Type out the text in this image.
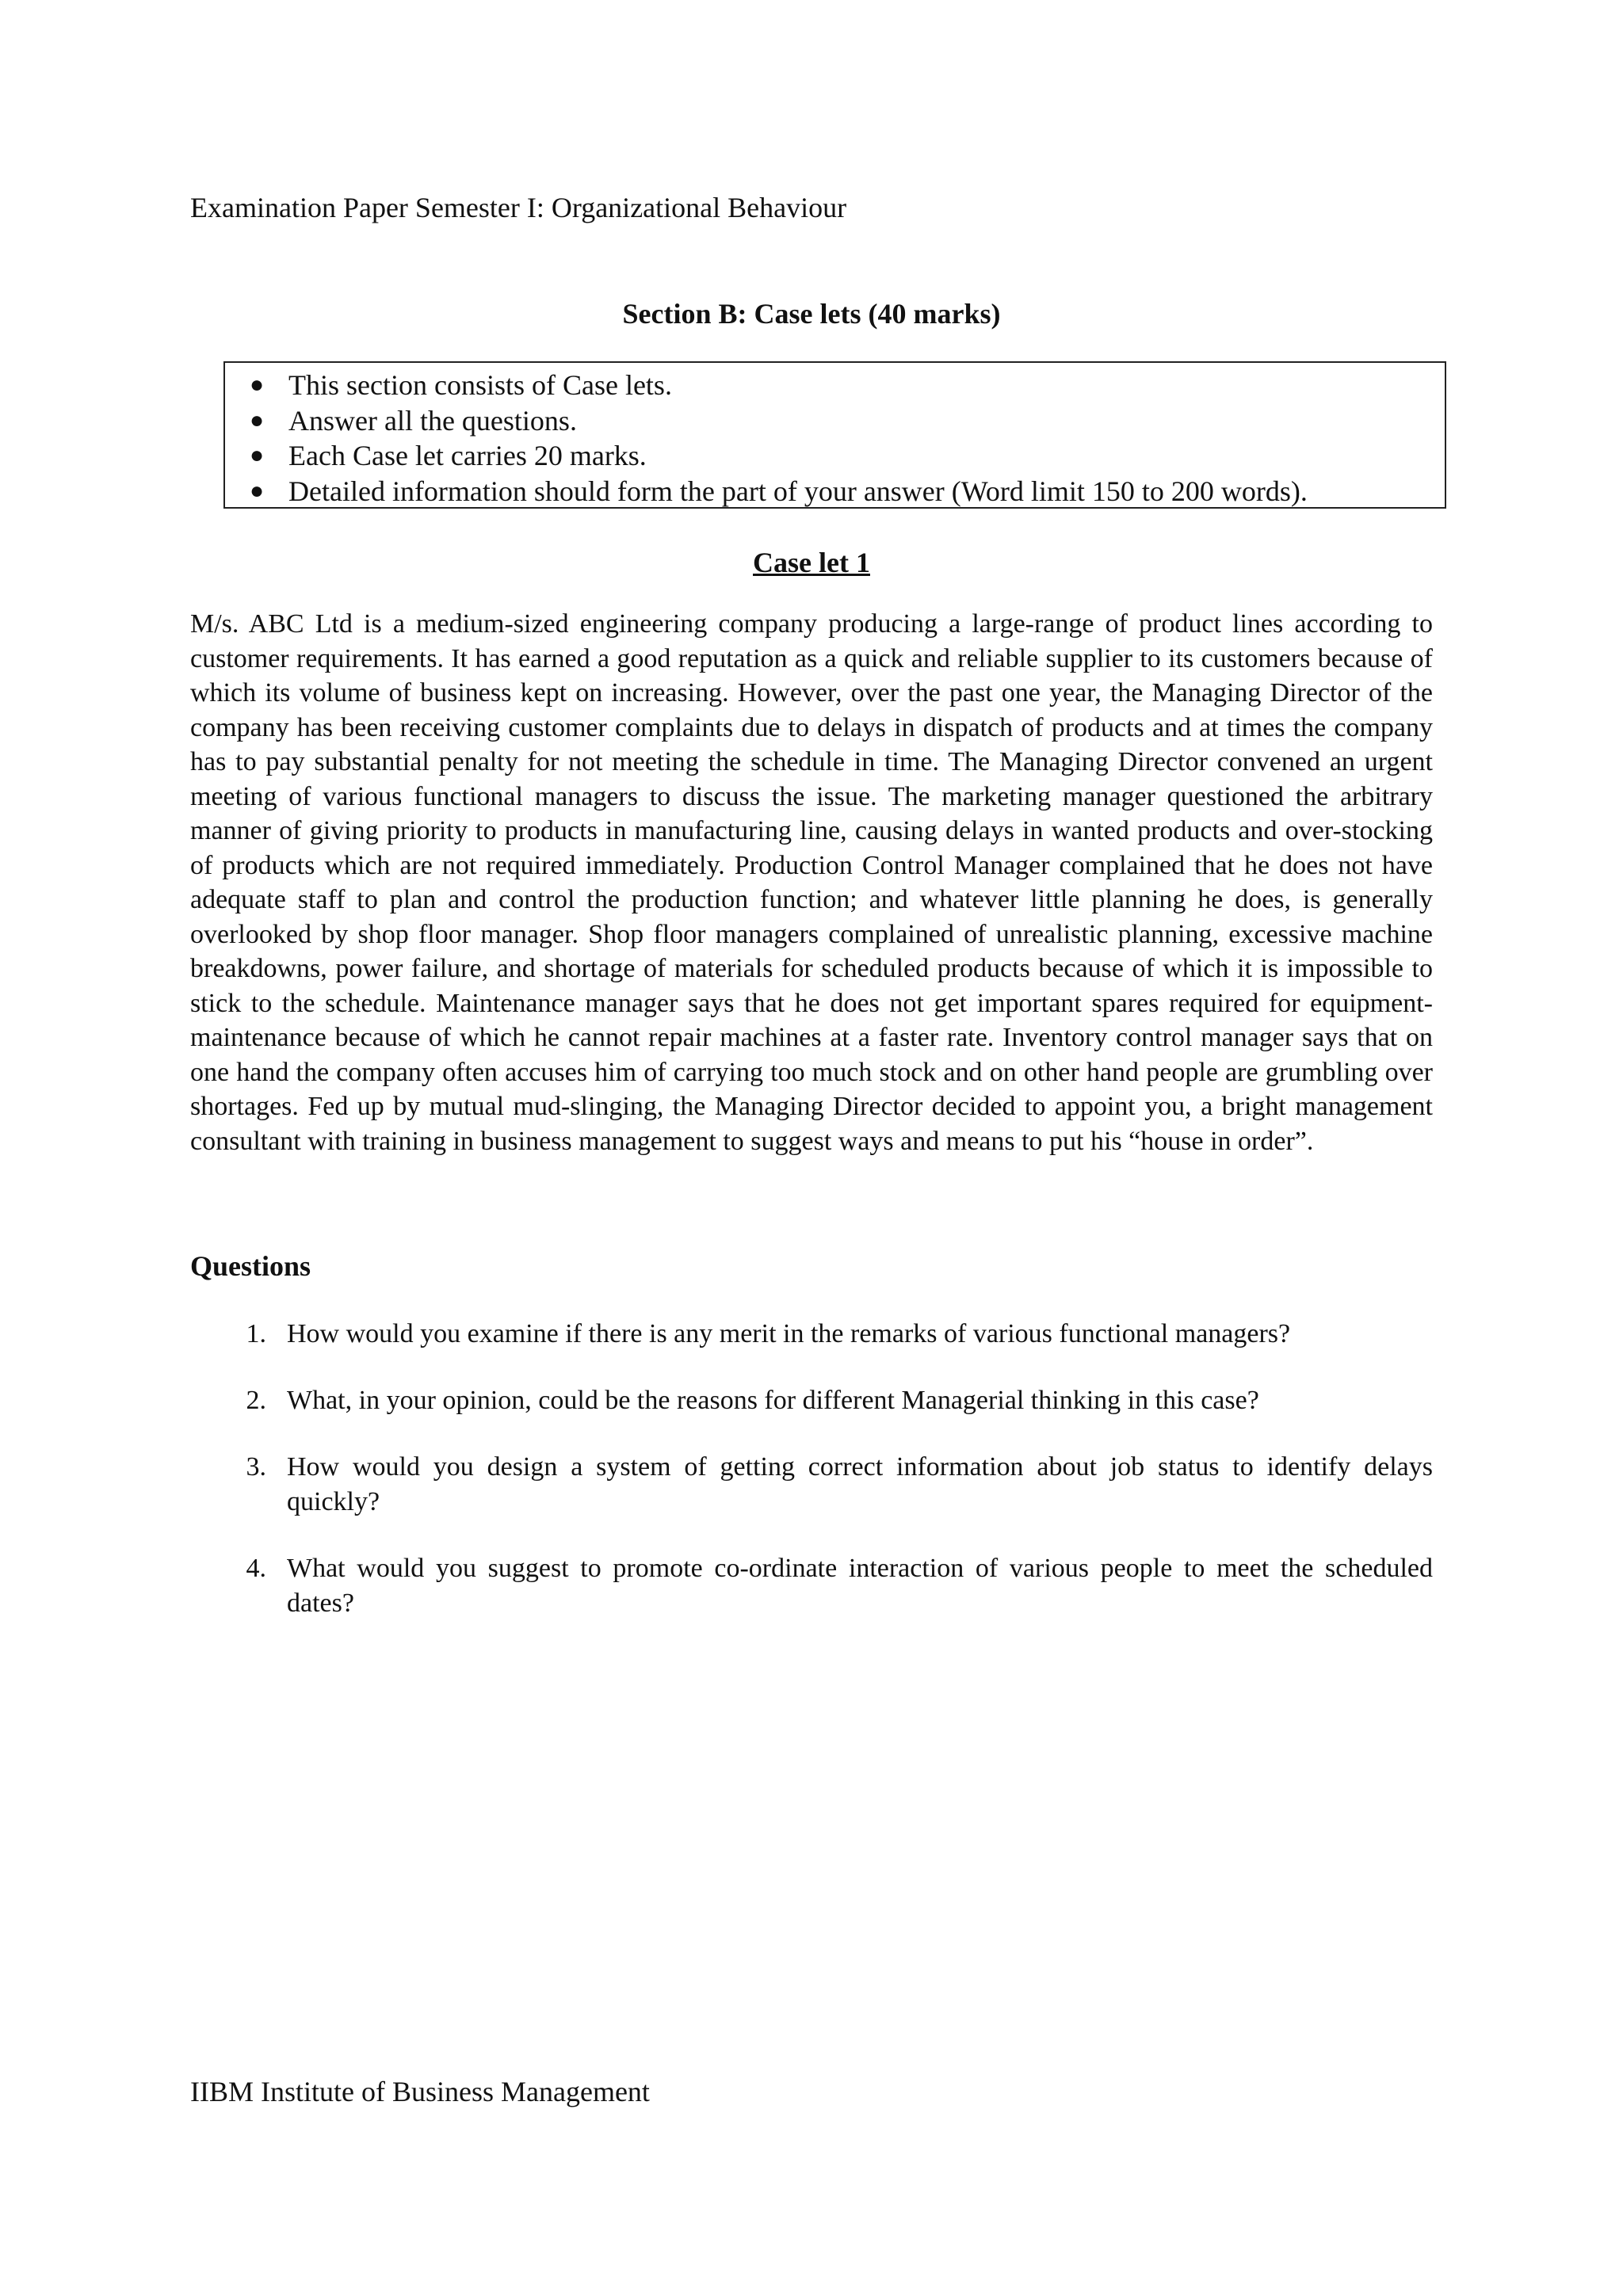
Examination Paper Semester I: Organizational Behaviour
Section B: Case lets (40 marks)
● This section consists of Case lets.
● Answer all the questions.
● Each Case let carries 20 marks.
● Detailed information should form the part of your answer (Word limit 150 to 200 words).
Case let 1

M/s. ABC Ltd is a medium-sized engineering company producing a large-range of product lines according to customer requirements. It has earned a good reputation as a quick and reliable supplier to its customers because of which its volume of business kept on increasing. However, over the past one year, the Managing Director of the company has been receiving customer complaints due to delays in dispatch of products and at times the company has to pay substantial penalty for not meeting the schedule in time. The Managing Director convened an urgent meeting of various functional managers to discuss the issue. The marketing manager questioned the arbitrary manner of giving priority to products in manufacturing line, causing delays in wanted products and over-stocking of products which are not required immediately. Production Control Manager complained that he does not have adequate staff to plan and control the production function; and whatever little planning he does, is generally overlooked by shop floor manager. Shop floor managers complained of unrealistic planning, excessive machine breakdowns, power failure, and shortage of materials for scheduled products because of which it is impossible to stick to the schedule. Maintenance manager says that he does not get important spares required for equipment-maintenance because of which he cannot repair machines at a faster rate. Inventory control manager says that on one hand the company often accuses him of carrying too much stock and on other hand people are grumbling over shortages. Fed up by mutual mud-slinging, the Managing Director decided to appoint you, a bright management consultant with training in business management to suggest ways and means to put his “house in order”.

Questions
1. How would you examine if there is any merit in the remarks of various functional managers?
2. What, in your opinion, could be the reasons for different Managerial thinking in this case?
3. How would you design a system of getting correct information about job status to identify delays quickly?
4. What would you suggest to promote co-ordinate interaction of various people to meet the scheduled dates?
IIBM Institute of Business Management
